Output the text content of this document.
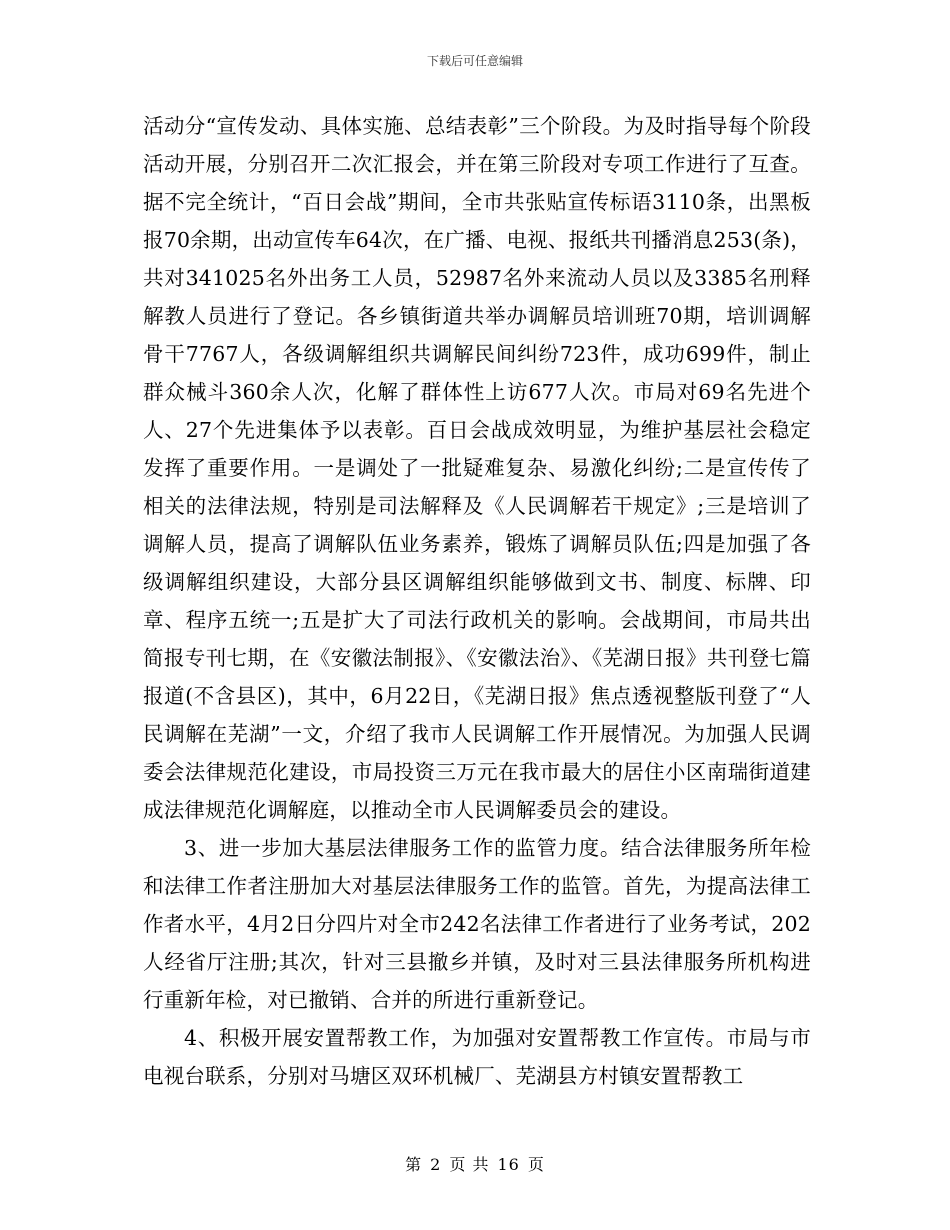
下载后可任意编辑

活动分“宣传发动、具体实施、总结表彰”三个阶段。为及时指导每个阶段活动开展，分别召开二次汇报会，并在第三阶段对专项工作进行了互查。据不完全统计，“百日会战”期间，全市共张贴宣传标语3110条，出黑板报70余期，出动宣传车64次，在广播、电视、报纸共刊播消息253(条)，共对341025名外出务工人员，52987名外来流动人员以及3385名刑释解教人员进行了登记。各乡镇街道共举办调解员培训班70期，培训调解骨干7767人，各级调解组织共调解民间纠纷723件，成功699件，制止群众械斗360余人次，化解了群体性上访677人次。市局对69名先进个人、27个先进集体予以表彰。百日会战成效明显，为维护基层社会稳定发挥了重要作用。一是调处了一批疑难复杂、易激化纠纷;二是宣传传了相关的法律法规，特别是司法解释及《人民调解若干规定》;三是培训了调解人员，提高了调解队伍业务素养，锻炼了调解员队伍;四是加强了各级调解组织建设，大部分县区调解组织能够做到文书、制度、标牌、印章、程序五统一;五是扩大了司法行政机关的影响。会战期间，市局共出简报专刊七期，在《安徽法制报》、《安徽法治》、《芜湖日报》共刊登七篇报道(不含县区)，其中，6月22日，《芜湖日报》焦点透视整版刊登了“人民调解在芜湖”一文，介绍了我市人民调解工作开展情况。为加强人民调委会法律规范化建设，市局投资三万元在我市最大的居住小区南瑞街道建成法律规范化调解庭，以推动全市人民调解委员会的建设。

3、进一步加大基层法律服务工作的监管力度。结合法律服务所年检和法律工作者注册加大对基层法律服务工作的监管。首先，为提高法律工作者水平，4月2日分四片对全市242名法律工作者进行了业务考试，202人经省厅注册;其次，针对三县撤乡并镇，及时对三县法律服务所机构进行重新年检，对已撤销、合并的所进行重新登记。

4、积极开展安置帮教工作，为加强对安置帮教工作宣传。市局与市电视台联系，分别对马塘区双环机械厂、芜湖县方村镇安置帮教工

第 2 页 共 16 页
